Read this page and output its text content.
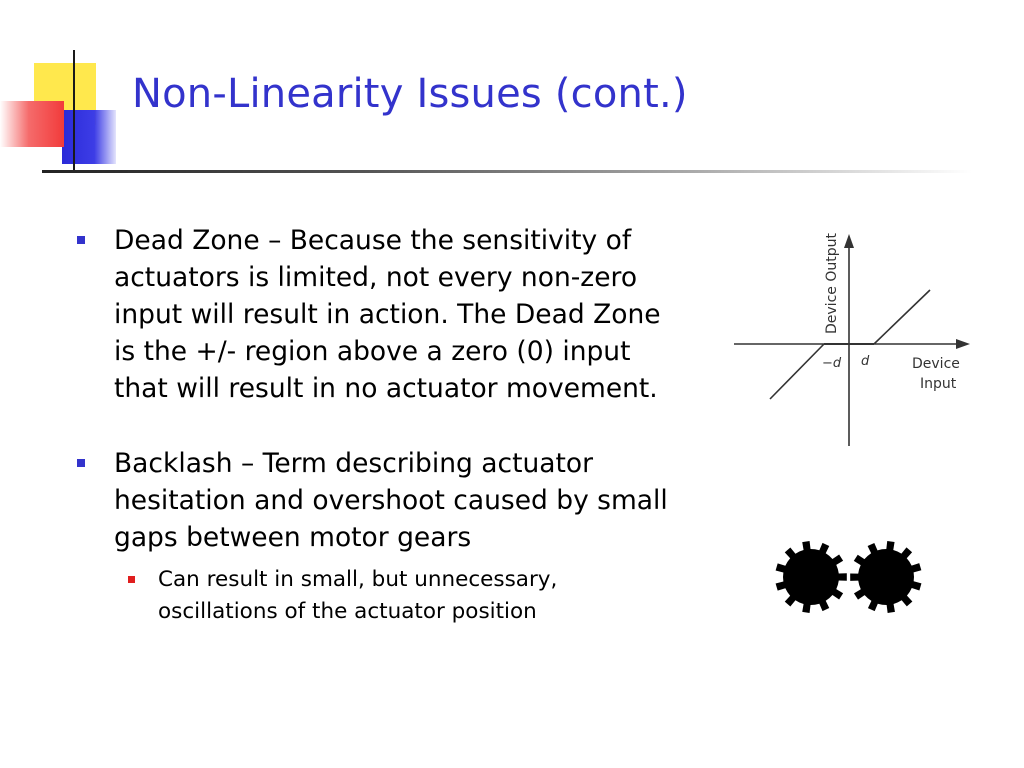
Non-Linearity Issues (cont.)
Dead Zone – Because the sensitivity of actuators is limited, not every non-zero input will result in action. The Dead Zone is the +/- region above a zero (0) input that will result in no actuator movement.
Backlash – Term describing actuator hesitation and overshoot caused by small gaps between motor gears
Can result in small, but unnecessary, oscillations of the actuator position
Device Output
Device
Input
−d d
